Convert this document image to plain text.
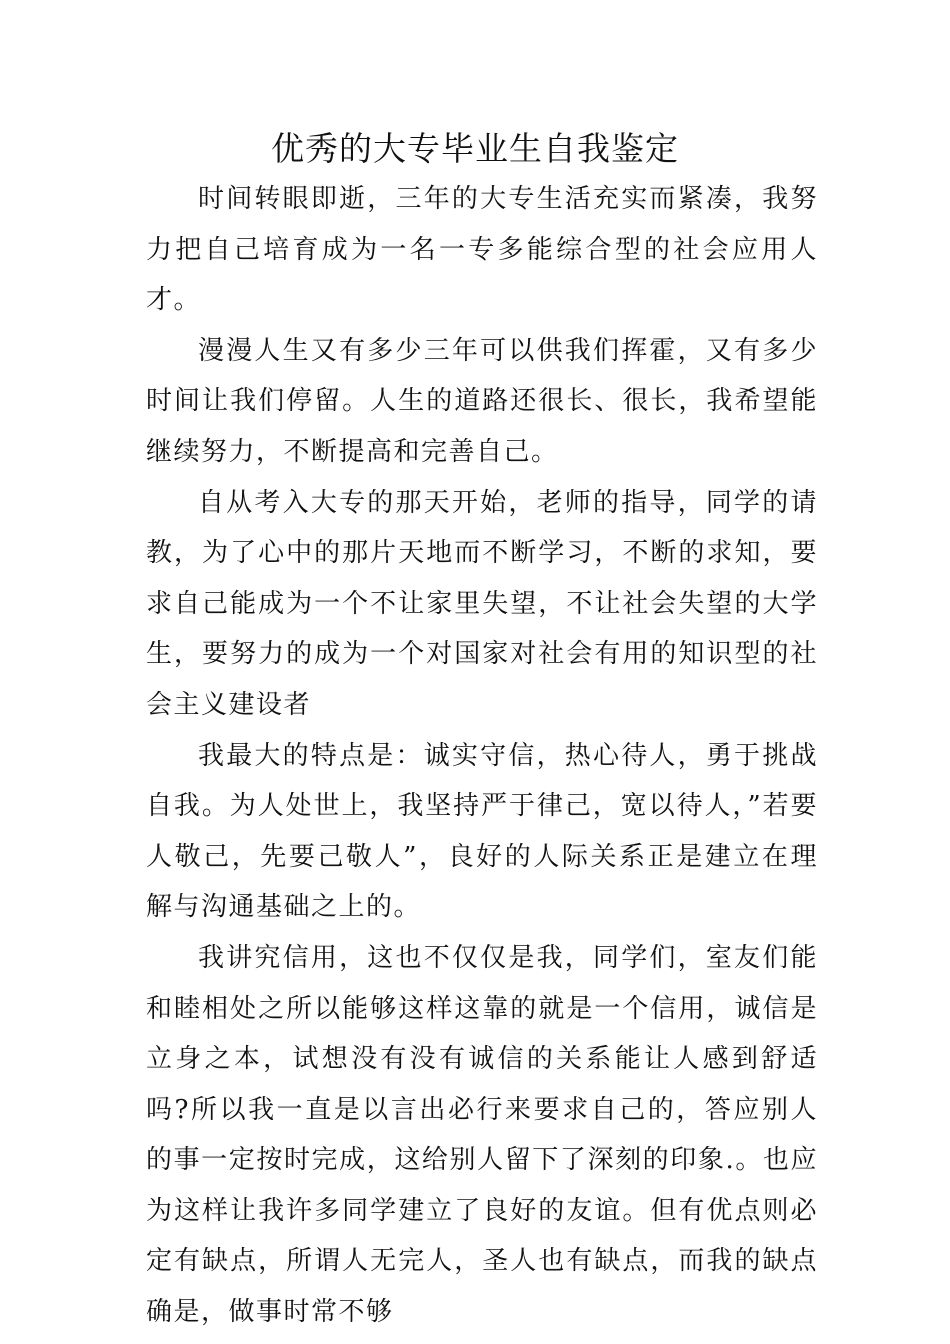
优秀的大专毕业生自我鉴定

时间转眼即逝，三年的大专生活充实而紧凑，我努力把自己培育成为一名一专多能综合型的社会应用人才。

漫漫人生又有多少三年可以供我们挥霍，又有多少时间让我们停留。人生的道路还很长、很长，我希望能继续努力，不断提高和完善自己。

自从考入大专的那天开始，老师的指导，同学的请教，为了心中的那片天地而不断学习，不断的求知，要求自己能成为一个不让家里失望，不让社会失望的大学生，要努力的成为一个对国家对社会有用的知识型的社会主义建设者

我最大的特点是：诚实守信，热心待人，勇于挑战自我。为人处世上，我坚持严于律己，宽以待人，”若要人敬己，先要己敬人”，良好的人际关系正是建立在理解与沟通基础之上的。

我讲究信用，这也不仅仅是我，同学们，室友们能和睦相处之所以能够这样这靠的就是一个信用，诚信是立身之本，试想没有没有诚信的关系能让人感到舒适吗?所以我一直是以言出必行来要求自己的，答应别人的事一定按时完成，这给别人留下了深刻的印象.。也应为这样让我许多同学建立了良好的友谊。但有优点则必定有缺点，所谓人无完人，圣人也有缺点，而我的缺点确是，做事时常不够
